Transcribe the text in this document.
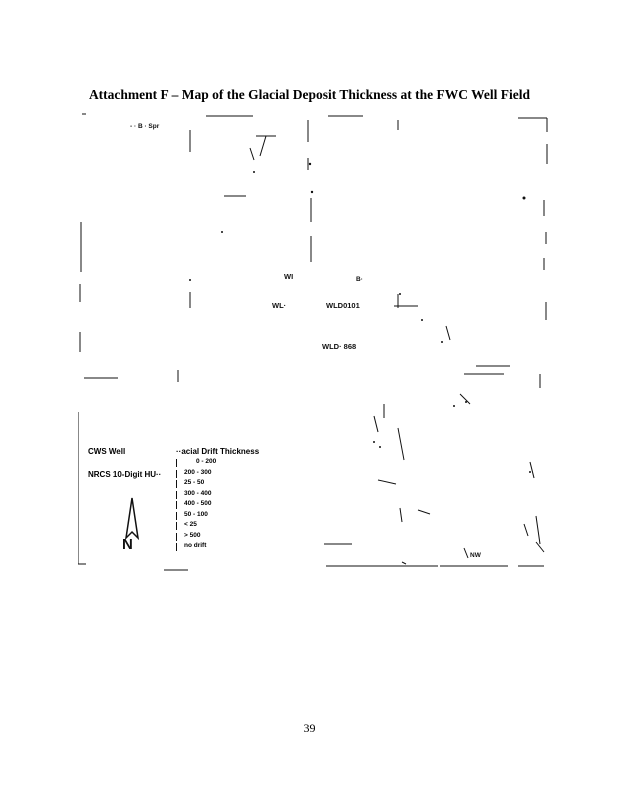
Attachment F – Map of the Glacial Deposit Thickness at the FWC Well Field
- · B · Spr
WI	B·
WL·	WLD0101
WLD· 868
NW
CWS Well
NRCS 10-Digit HU··
··acial Drift Thickness
0 - 200
200 - 300
25 - 50
300 - 400
400 - 500
50 - 100
< 25
> 500
no drift
N
39
